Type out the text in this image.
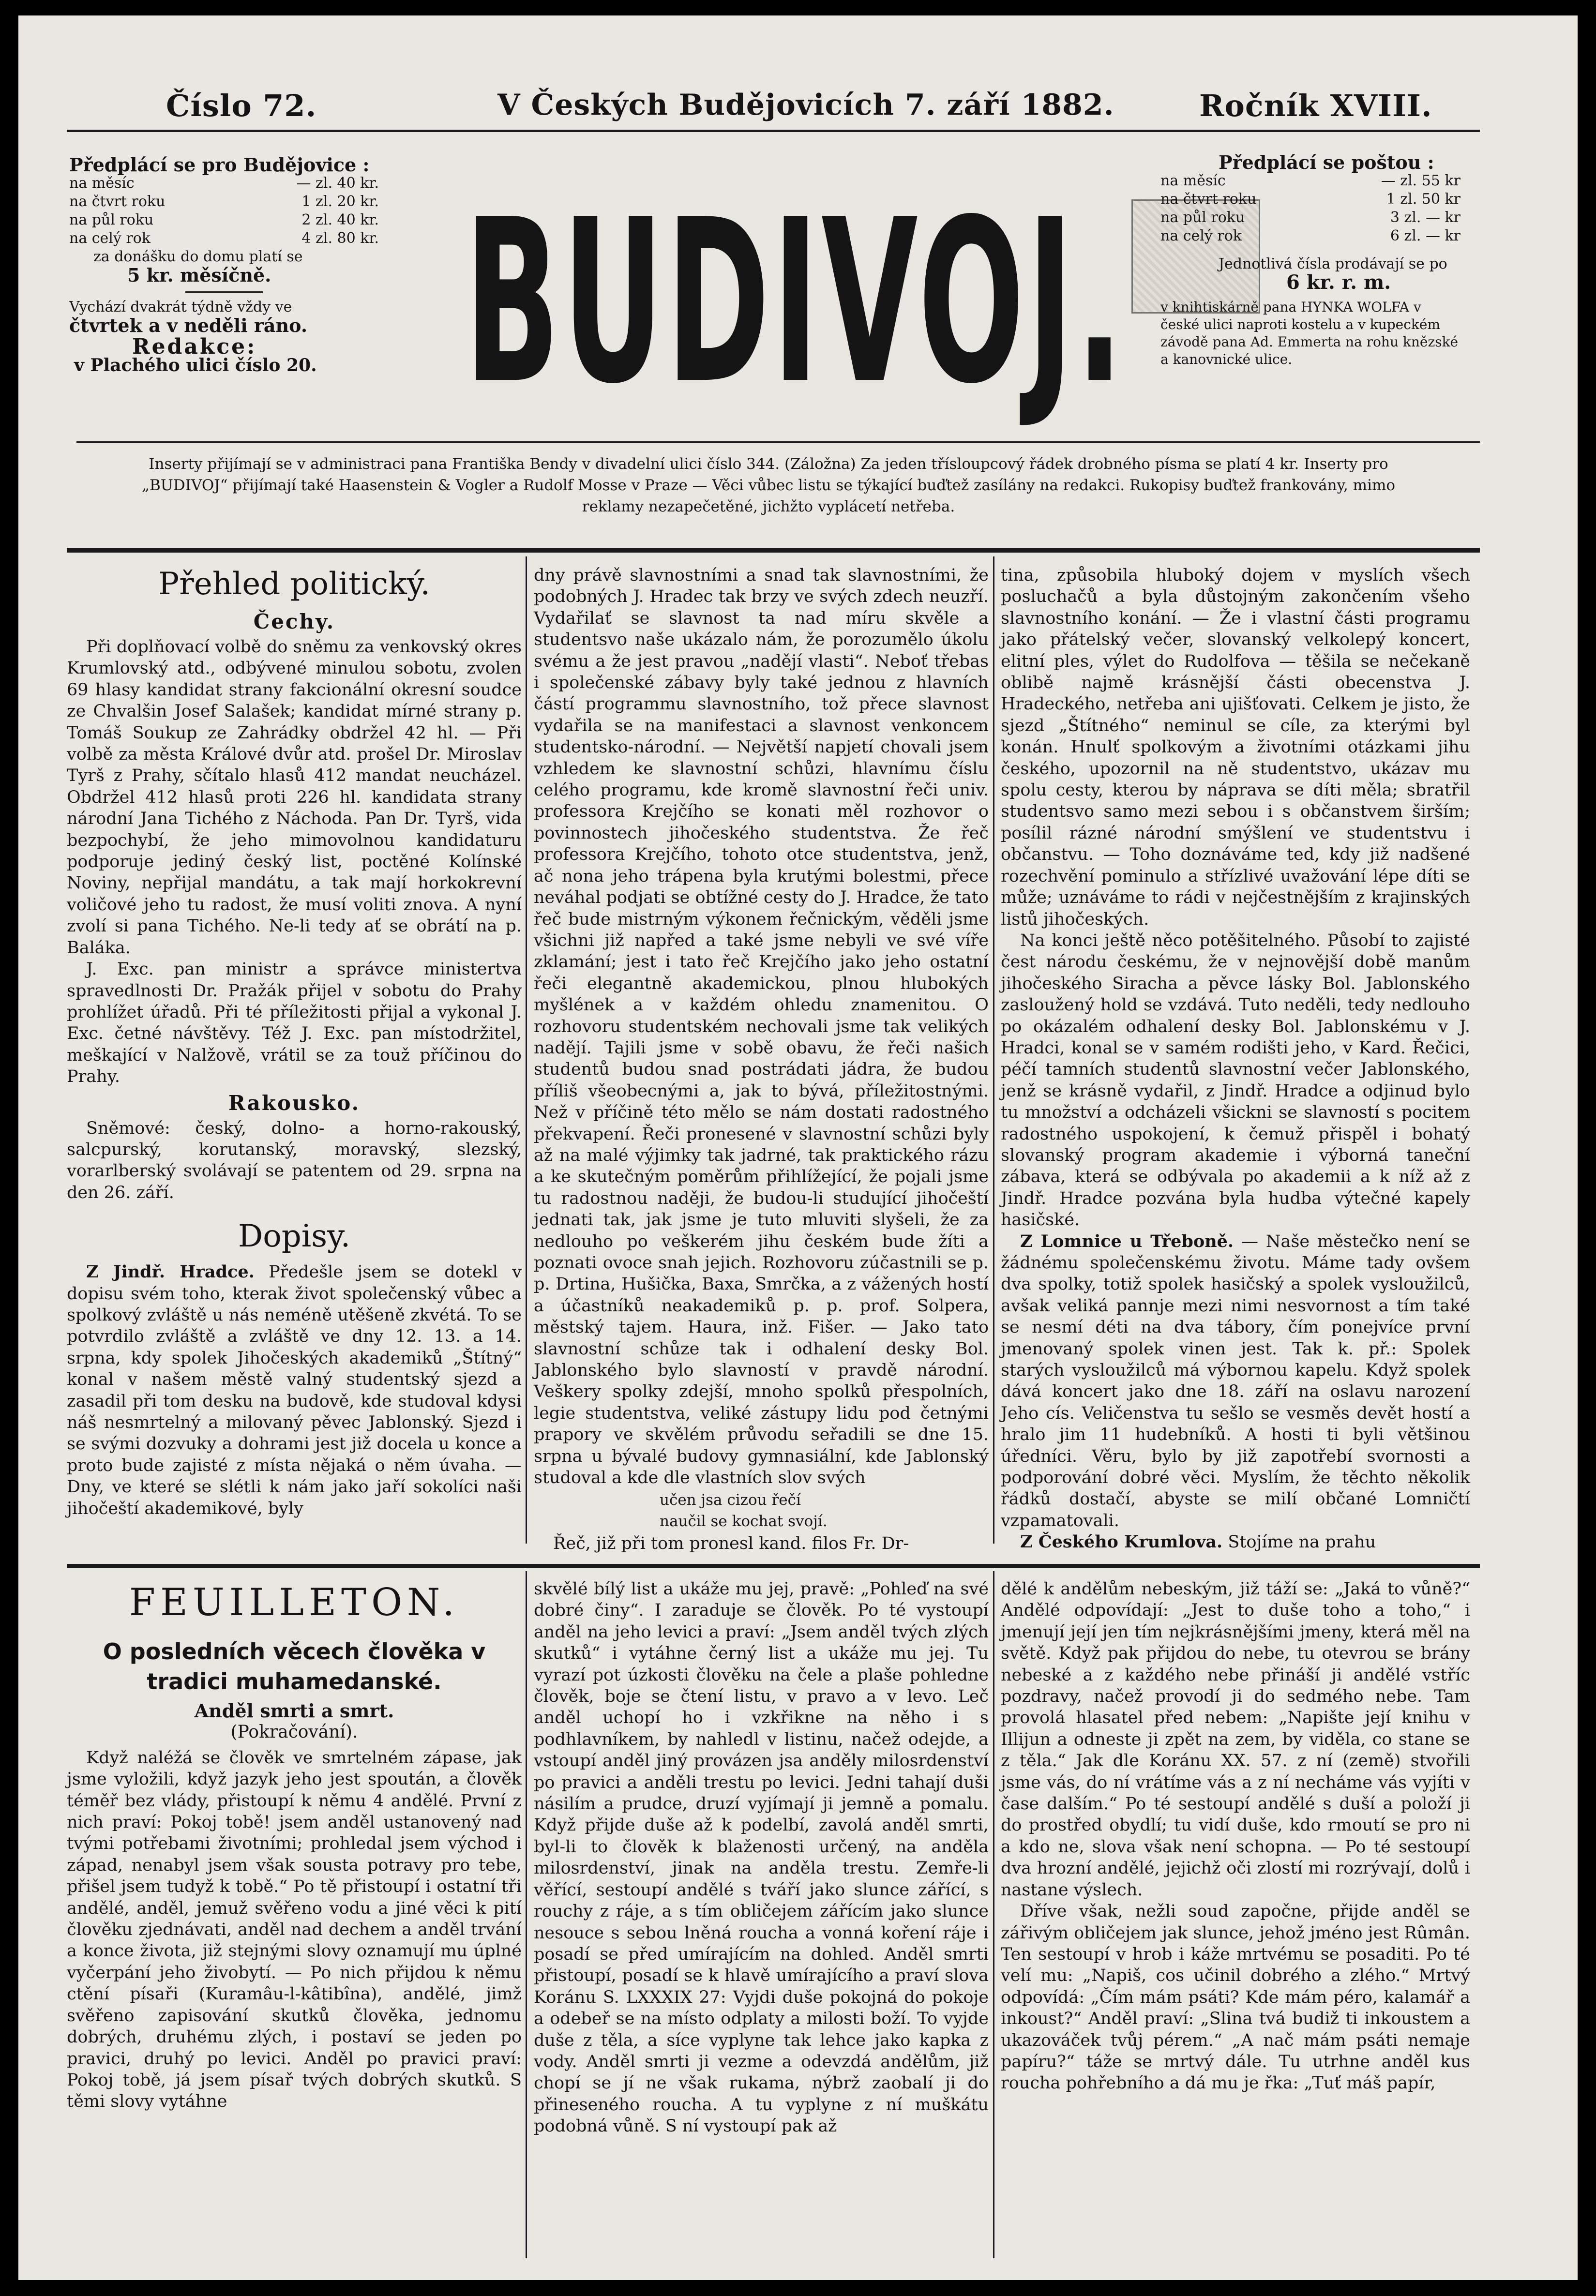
Číslo 72.	V Českých Budějovicích 7. září 1882.	Ročník XVIII.
Předplácí se pro Budějovice :
na měsíc	— zl. 40 kr.
na čtvrt roku	1 zl. 20 kr.
na půl roku	2 zl. 40 kr.
na celý rok	4 zl. 80 kr.
za donášku do domu platí se
5 kr. měsíčně.
Vychází dvakrát týdně vždy ve
čtvrtek a v neděli ráno.
Redakce:
v Plachého ulici číslo 20.	BUDIVOJ.
Předplácí se poštou :
na měsíc	— zl. 55 kr
na čtvrt roku	1 zl. 50 kr
na půl roku	3 zl. — kr
na celý rok	6 zl. — kr
Jednotlivá čísla prodávají se po
6 kr. r. m.
v knihtiskárně pana HYNKA WOLFA v české ulici naproti kostelu a v kupeckém závodě pana Ad. Emmerta na rohu knězské a kanovnické ulice.
Inserty přijímají se v administraci pana Františka Bendy v divadelní ulici číslo 344. (Záložna) Za jeden třísloupcový řádek drobného písma se platí 4 kr. Inserty pro „BUDIVOJ“ přijímají také Haasenstein & Vogler a Rudolf Mosse v Praze — Věci vůbec listu se týkající buďtež zasílány na redakci. Rukopisy buďtež frankovány, mimo reklamy nezapečetěné, jichžto vyplácetí netřeba.
Přehled politický.
Čechy.

Při doplňovací volbě do sněmu za venkovský okres Krumlovský atd., odbývené minulou sobotu, zvolen 69 hlasy kandidat strany fakcionální okresní soudce ze Chvalšin Josef Salašek; kandidat mírné strany p. Tomáš Soukup ze Zahrádky obdržel 42 hl. — Při volbě za města Králové dvůr atd. prošel Dr. Miroslav Tyrš z Prahy, sčítalo hlasů 412 mandat neucházel. Obdržel 412 hlasů proti 226 hl. kandidata strany národní Jana Tichého z Náchoda. Pan Dr. Tyrš, vida bezpochybí, že jeho mimovolnou kandidaturu podporuje jediný český list, poctěné Kolínské Noviny, nepřijal mandátu, a tak mají horkokrevní voličové jeho tu radost, že musí voliti znova. A nyní zvolí si pana Tichého. Ne-li tedy ať se obrátí na p. Baláka.

J. Exc. pan ministr a správce ministertva spravedlnosti Dr. Pražák přijel v sobotu do Prahy prohlížet úřadů. Při té příležitosti přijal a vykonal J. Exc. četné návštěvy. Též J. Exc. pan místodržitel, meškající v Nalžově, vrátil se za touž příčinou do Prahy.

Rakousko.

Sněmové: český, dolno- a horno-rakouský, salcpurský, korutanský, moravský, slezský, vorarlberský svolávají se patentem od 29. srpna na den 26. září.

Dopisy.

Z Jindř. Hradce. Předešle jsem se dotekl v dopisu svém toho, kterak život společenský vůbec a spolkový zvláště u nás neméně utěšeně zkvétá. To se potvrdilo zvláště a zvláště ve dny 12. 13. a 14. srpna, kdy spolek Jihočeských akademiků „Štítný“ konal v našem městě valný studentský sjezd a zasadil při tom desku na budově, kde studoval kdysi náš nesmrtelný a milovaný pěvec Jablonský. Sjezd i se svými dozvuky a dohrami jest již docela u konce a proto bude zajisté z místa nějaká o něm úvaha. — Dny, ve které se slétli k nám jako jaří sokolíci naši jihočeští akademikové, byly

dny právě slavnostními a snad tak slavnostními, že podobných J. Hradec tak brzy ve svých zdech neuzří. Vydařilať se slavnost ta nad míru skvěle a studentsvo naše ukázalo nám, že porozumělo úkolu svému a že jest pravou „nadějí vlasti“. Neboť třebas i společenské zábavy byly také jednou z hlavních částí programmu slavnostního, tož přece slavnost vydařila se na manifestaci a slavnost venkoncem studentsko-národní. — Největší napjetí chovali jsem vzhledem ke slavnostní schůzi, hlavnímu číslu celého programu, kde kromě slavnostní řeči univ. professora Krejčího se konati měl rozhovor o povinnostech jihočeského studentstva. Že řeč professora Krejčího, tohoto otce studentstva, jenž, ač nona jeho trápena byla krutými bolestmi, přece neváhal podjati se obtížné cesty do J. Hradce, že tato řeč bude mistrným výkonem řečnickým, věděli jsme všichni již napřed a také jsme nebyli ve své víře zklamání; jest i tato řeč Krejčího jako jeho ostatní řeči elegantně akademickou, plnou hlubokých myšlének a v každém ohledu znamenitou. O rozhovoru studentském nechovali jsme tak velikých nadějí. Tajili jsme v sobě obavu, že řeči našich studentů budou snad postrádati jádra, že budou příliš všeobecnými a, jak to bývá, příležitostnými. Než v příčině této mělo se nám dostati radostného překvapení. Řeči pronesené v slavnostní schůzi byly až na malé výjimky tak jadrné, tak praktického rázu a ke skutečným poměrům přihlížející, že pojali jsme tu radostnou naději, že budou-li studující jihočeští jednati tak, jak jsme je tuto mluviti slyšeli, že za nedlouho po veškerém jihu českém bude žíti a poznati ovoce snah jejich. Rozhovoru zúčastnili se p. p. Drtina, Hušička, Baxa, Smrčka, a z vážených hostí a účastníků neakademiků p. p. prof. Solpera, městský tajem. Haura, inž. Fišer. — Jako tato slavnostní schůze tak i odhalení desky Bol. Jablonského bylo slavností v pravdě národní. Veškery spolky zdejší, mnoho spolků přespolních, legie studentstva, veliké zástupy lidu pod četnými prapory ve skvělém průvodu seřadili se dne 15. srpna u bývalé budovy gymnasiální, kde Jablonský studoval a kde dle vlastních slov svých

učen jsa cizou řečí

naučil se kochat svojí.

Řeč, již při tom pronesl kand. filos Fr. Dr-

tina, způsobila hluboký dojem v myslích všech posluchačů a byla důstojným zakončením všeho slavnostního konání. — Že i vlastní části programu jako přátelský večer, slovanský velkolepý koncert, elitní ples, výlet do Rudolfova — těšila se nečekaně oblibě najmě krásnější části obecenstva J. Hradeckého, netřeba ani ujišťovati. Celkem je jisto, že sjezd „Štítného“ neminul se cíle, za kterými byl konán. Hnulť spolkovým a životními otázkami jihu českého, upozornil na ně studentstvo, ukázav mu spolu cesty, kterou by náprava se díti měla; sbratřil studentsvo samo mezi sebou i s občanstvem širším; posílil rázné národní smýšlení ve studentstvu i občanstvu. — Toho doznáváme ted, kdy již nadšené rozechvění pominulo a střízlivé uvažování lépe díti se může; uznáváme to rádi v nejčestnějším z krajinských listů jihočeských.

Na konci ještě něco potěšitelného. Působí to zajisté čest národu českému, že v nejnovější době manům jihočeského Siracha a pěvce lásky Bol. Jablonského zasloužený hold se vzdává. Tuto neděli, tedy nedlouho po okázalém odhalení desky Bol. Jablonskému v J. Hradci, konal se v samém rodišti jeho, v Kard. Řečici, péčí tamních studentů slavnostní večer Jablonského, jenž se krásně vydařil, z Jindř. Hradce a odjinud bylo tu množství a odcházeli všickni se slavností s pocitem radostného uspokojení, k čemuž přispěl i bohatý slovanský program akademie i výborná taneční zábava, která se odbývala po akademii a k níž až z Jindř. Hradce pozvána byla hudba výtečné kapely hasičské.

Z Lomnice u Třeboně. — Naše městečko není se žádnému společenskému životu. Máme tady ovšem dva spolky, totiž spolek hasičský a spolek vysloužilců, avšak veliká pannje mezi nimi nesvornost a tím také se nesmí déti na dva tábory, čím ponejvíce první jmenovaný spolek vinen jest. Tak k. př.: Spolek starých vysloužilců má výbornou kapelu. Když spolek dává koncert jako dne 18. září na oslavu narození Jeho cís. Veličenstva tu sešlo se vesměs devět hostí a hralo jim 11 hudebníků. A hosti ti byli většinou úředníci. Věru, bylo by již zapotřebí svornosti a podporování dobré věci. Myslím, že těchto několik řádků dostačí, abyste se milí občané Lomničtí vzpamatovali.

Z Českého Krumlova. Stojíme na prahu

FEUILLETON.
O posledních věcech člověka v tradici muhamedanské.
Anděl smrti a smrt.
(Pokračování).

Když naléžá se člověk ve smrtelném zápase, jak jsme vyložili, když jazyk jeho jest spoután, a člověk téměř bez vlády, přistoupí k němu 4 andělé. První z nich praví: Pokoj tobě! jsem anděl ustanovený nad tvými potřebami životními; prohledal jsem východ i západ, nenabyl jsem však sousta potravy pro tebe, přišel jsem tudyž k tobě.“ Po tě přistoupí i ostatní tři andělé, anděl, jemuž svěřeno vodu a jiné věci k pití člověku zjednávati, anděl nad dechem a anděl trvání a konce života, již stejnými slovy oznamují mu úplné vyčerpání jeho živobytí. — Po nich přijdou k němu ctění písaři (Kuramâu-l-kâtibîna), andělé, jimž svěřeno zapisování skutků člověka, jednomu dobrých, druhému zlých, i postaví se jeden po pravici, druhý po levici. Anděl po pravici praví: Pokoj tobě, já jsem písař tvých dobrých skutků. S těmi slovy vytáhne

skvělé bílý list a ukáže mu jej, pravě: „Pohleď na své dobré činy“. I zaraduje se člověk. Po té vystoupí anděl na jeho levici a praví: „Jsem anděl tvých zlých skutků“ i vytáhne černý list a ukáže mu jej. Tu vyrazí pot úzkosti člověku na čele a plaše pohledne člověk, boje se čtení listu, v pravo a v levo. Leč anděl uchopí ho i vzkřikne na něho i s podhlavníkem, by nahledl v listinu, načež odejde, a vstoupí anděl jiný provázen jsa anděly milosrdenství po pravici a anděli trestu po levici. Jedni tahají duši násilím a prudce, druzí vyjímají ji jemně a pomalu. Když přijde duše až k podelbí, zavolá anděl smrti, byl-li to člověk k blaženosti určený, na anděla milosrdenství, jinak na anděla trestu. Zemře-li věřící, sestoupí andělé s tváří jako slunce zářící, s rouchy z ráje, a s tím obličejem zářícím jako slunce nesouce s sebou lněná roucha a vonná koření ráje i posadí se před umírajícím na dohled. Anděl smrti přistoupí, posadí se k hlavě umírajícího a praví slova Koránu S. LXXXIX 27: Vyjdi duše pokojná do pokoje a odebeř se na místo odplaty a milosti boží. To vyjde duše z těla, a síce vyplyne tak lehce jako kapka z vody. Anděl smrti ji vezme a odevzdá andělům, již chopí se jí ne však rukama, nýbrž zaobalí ji do přineseného roucha. A tu vyplyne z ní muškátu podobná vůně. S ní vystoupí pak až

dělé k andělům nebeským, již táží se: „Jaká to vůně?“ Andělé odpovídají: „Jest to duše toho a toho,“ i jmenují její jen tím nejkrásnějšími jmeny, která měl na světě. Když pak přijdou do nebe, tu otevrou se brány nebeské a z každého nebe přináší ji andělé vstříc pozdravy, načež provodí ji do sedmého nebe. Tam provolá hlasatel před nebem: „Napište její knihu v Illijun a odneste ji zpět na zem, by viděla, co stane se z těla.“ Jak dle Koránu XX. 57. z ní (země) stvořili jsme vás, do ní vrátíme vás a z ní necháme vás vyjíti v čase dalším.“ Po té sestoupí andělé s duší a položí ji do prostřed obydlí; tu vidí duše, kdo rmoutí se pro ni a kdo ne, slova však není schopna. — Po té sestoupí dva hrozní andělé, jejichž oči zlostí mi rozrývají, dolů i nastane výslech.

Dříve však, nežli soud započne, přijde anděl se zářivým obličejem jak slunce, jehož jméno jest Rûmân. Ten sestoupí v hrob i káže mrtvému se posaditi. Po té velí mu: „Napiš, cos učinil dobrého a zlého.“ Mrtvý odpovídá: „Čím mám psáti? Kde mám péro, kalamář a inkoust?“ Anděl praví: „Slina tvá budiž ti inkoustem a ukazováček tvůj pérem.“ „A nač mám psáti nemaje papíru?“ táže se mrtvý dále. Tu utrhne anděl kus roucha pohřebního a dá mu je řka: „Tuť máš papír,
